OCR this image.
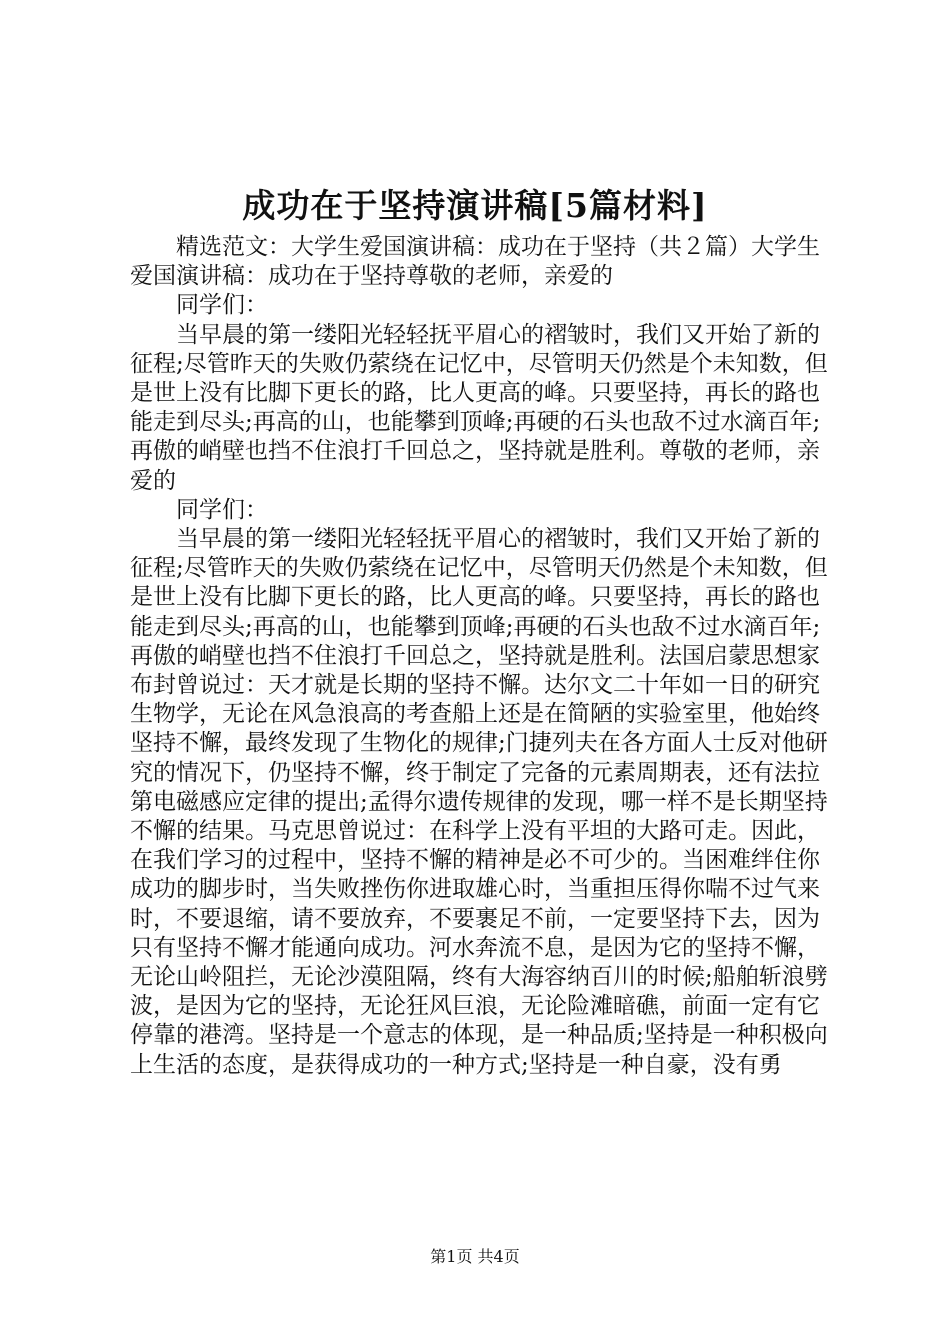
成功在于坚持演讲稿[5篇材料]

精选范文：大学生爱国演讲稿：成功在于坚持（共２篇）大学生爱国演讲稿：成功在于坚持尊敬的老师，亲爱的

同学们：

当早晨的第一缕阳光轻轻抚平眉心的褶皱时，我们又开始了新的征程;尽管昨天的失败仍萦绕在记忆中，尽管明天仍然是个未知数，但是世上没有比脚下更长的路，比人更高的峰。只要坚持，再长的路也能走到尽头;再高的山，也能攀到顶峰;再硬的石头也敌不过水滴百年;再傲的峭壁也挡不住浪打千回总之，坚持就是胜利。尊敬的老师，亲爱的

同学们：

当早晨的第一缕阳光轻轻抚平眉心的褶皱时，我们又开始了新的征程;尽管昨天的失败仍萦绕在记忆中，尽管明天仍然是个未知数，但是世上没有比脚下更长的路，比人更高的峰。只要坚持，再长的路也能走到尽头;再高的山，也能攀到顶峰;再硬的石头也敌不过水滴百年;再傲的峭壁也挡不住浪打千回总之，坚持就是胜利。法国启蒙思想家布封曾说过：天才就是长期的坚持不懈。达尔文二十年如一日的研究生物学，无论在风急浪高的考查船上还是在简陋的实验室里，他始终坚持不懈，最终发现了生物化的规律;门捷列夫在各方面人士反对他研究的情况下，仍坚持不懈，终于制定了完备的元素周期表，还有法拉第电磁感应定律的提出;孟得尔遗传规律的发现，哪一样不是长期坚持不懈的结果。马克思曾说过：在科学上没有平坦的大路可走。因此，在我们学习的过程中，坚持不懈的精神是必不可少的。当困难绊住你成功的脚步时，当失败挫伤你进取雄心时，当重担压得你喘不过气来时，不要退缩，请不要放弃，不要裹足不前，一定要坚持下去，因为只有坚持不懈才能通向成功。河水奔流不息，是因为它的坚持不懈，无论山岭阻拦，无论沙漠阻隔，终有大海容纳百川的时候;船舶斩浪劈波，是因为它的坚持，无论狂风巨浪，无论险滩暗礁，前面一定有它停靠的港湾。坚持是一个意志的体现，是一种品质;坚持是一种积极向上生活的态度，是获得成功的一种方式;坚持是一种自豪，没有勇

第1页 共4页
